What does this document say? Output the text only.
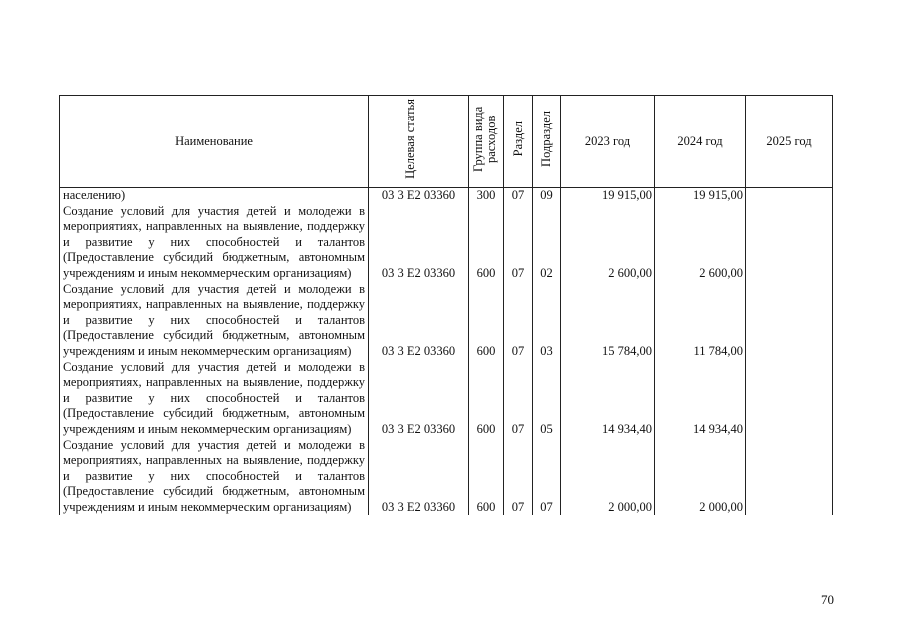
Наименование	Целевая статья	Группа вида расходов	Раздел	Подраздел	2023 год	2024 год	2025 год
населению)	03 3 E2 03360	300	07	09	19 915,00	19 915,00	
Создание условий для участия детей и молодежи в мероприятиях, направленных на выявление, поддержку и развитие у них способностей и талантов (Предоставление субсидий бюджетным, автономным учреждениям и иным некоммерческим организациям)	03 3 E2 03360	600	07	02	2 600,00	2 600,00	
Создание условий для участия детей и молодежи в мероприятиях, направленных на выявление, поддержку и развитие у них способностей и талантов (Предоставление субсидий бюджетным, автономным учреждениям и иным некоммерческим организациям)	03 3 E2 03360	600	07	03	15 784,00	11 784,00	
Создание условий для участия детей и молодежи в мероприятиях, направленных на выявление, поддержку и развитие у них способностей и талантов (Предоставление субсидий бюджетным, автономным учреждениям и иным некоммерческим организациям)	03 3 E2 03360	600	07	05	14 934,40	14 934,40	
Создание условий для участия детей и молодежи в мероприятиях, направленных на выявление, поддержку и развитие у них способностей и талантов (Предоставление субсидий бюджетным, автономным учреждениям и иным некоммерческим организациям)	03 3 E2 03360	600	07	07	2 000,00	2 000,00	
70
